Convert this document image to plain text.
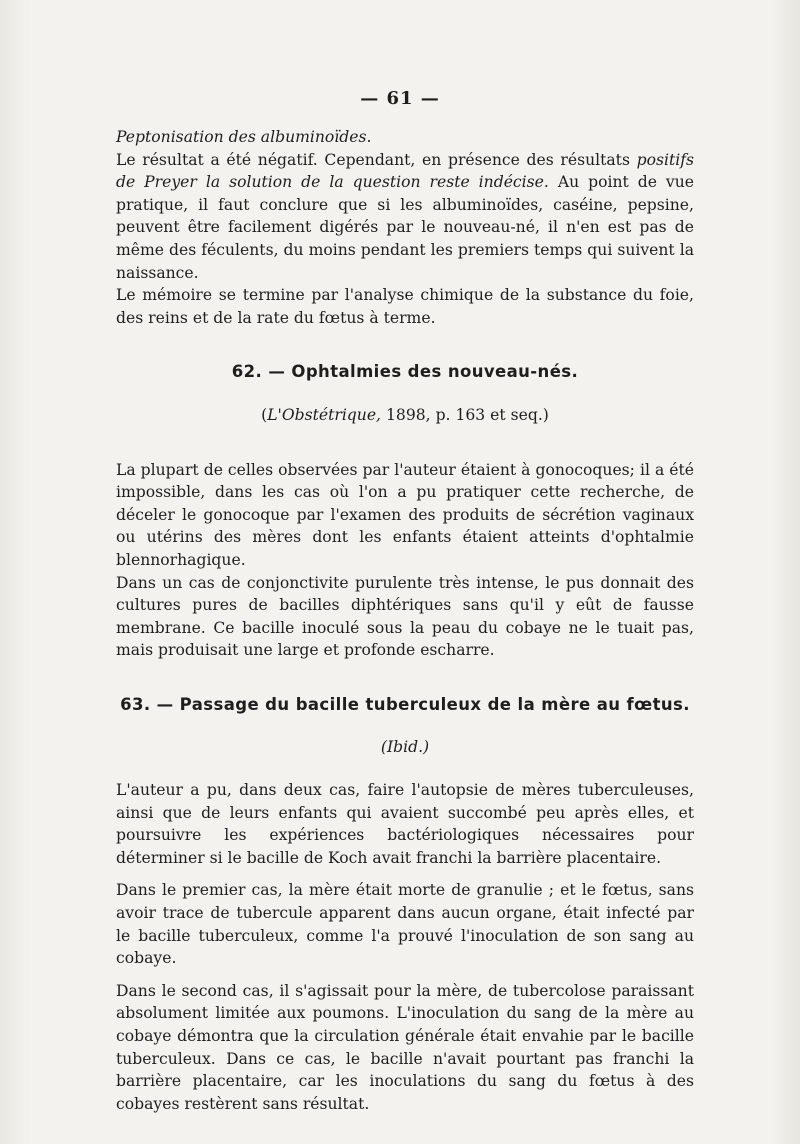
— 61 —

Peptonisation des albuminoïdes.

Le résultat a été négatif. Cependant, en présence des résultats positifs de Preyer la solution de la question reste indécise. Au point de vue pratique, il faut conclure que si les albuminoïdes, caséine, pepsine, peuvent être facilement digérés par le nouveau-né, il n'en est pas de même des féculents, du moins pendant les premiers temps qui suivent la naissance.

Le mémoire se termine par l'analyse chimique de la substance du foie, des reins et de la rate du fœtus à terme.

62. — Ophtalmies des nouveau-nés.

(L'Obstétrique, 1898, p. 163 et seq.)

La plupart de celles observées par l'auteur étaient à gonocoques; il a été impossible, dans les cas où l'on a pu pratiquer cette recherche, de déceler le gonocoque par l'examen des produits de sécrétion vaginaux ou utérins des mères dont les enfants étaient atteints d'ophtalmie blennorhagique.

Dans un cas de conjonctivite purulente très intense, le pus donnait des cultures pures de bacilles diphtériques sans qu'il y eût de fausse membrane. Ce bacille inoculé sous la peau du cobaye ne le tuait pas, mais produisait une large et profonde escharre.

63. — Passage du bacille tuberculeux de la mère au fœtus.

(Ibid.)

L'auteur a pu, dans deux cas, faire l'autopsie de mères tuberculeuses, ainsi que de leurs enfants qui avaient succombé peu après elles, et poursuivre les expériences bactériologiques nécessaires pour déterminer si le bacille de Koch avait franchi la barrière placentaire.

Dans le premier cas, la mère était morte de granulie ; et le fœtus, sans avoir trace de tubercule apparent dans aucun organe, était infecté par le bacille tuberculeux, comme l'a prouvé l'inoculation de son sang au cobaye.

Dans le second cas, il s'agissait pour la mère, de tubercolose paraissant absolument limitée aux poumons. L'inoculation du sang de la mère au cobaye démontra que la circulation générale était envahie par le bacille tuberculeux. Dans ce cas, le bacille n'avait pourtant pas franchi la barrière placentaire, car les inoculations du sang du fœtus à des cobayes restèrent sans résultat.
